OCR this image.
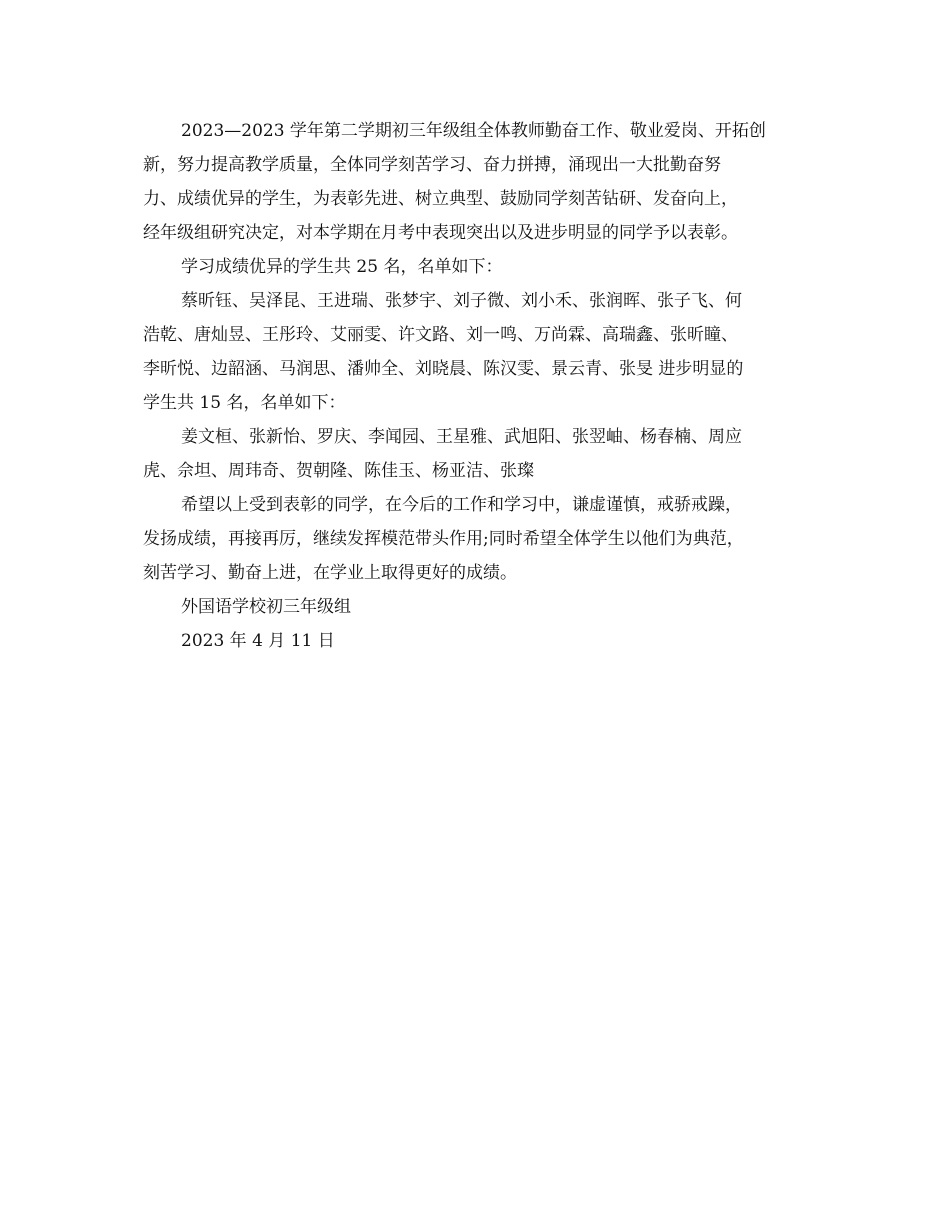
2023—2023 学年第二学期初三年级组全体教师勤奋工作、敬业爱岗、开拓创
新，努力提高教学质量，全体同学刻苦学习、奋力拼搏，涌现出一大批勤奋努
力、成绩优异的学生，为表彰先进、树立典型、鼓励同学刻苦钻研、发奋向上，
经年级组研究决定，对本学期在月考中表现突出以及进步明显的同学予以表彰。
学习成绩优异的学生共 25 名，名单如下：
蔡昕钰、吴泽昆、王进瑞、张梦宇、刘子微、刘小禾、张润晖、张子飞、何
浩乾、唐灿昱、王彤玲、艾丽雯、许文路、刘一鸣、万尚霖、高瑞鑫、张昕瞳、
李昕悦、边韶涵、马润思、潘帅全、刘晓晨、陈汉雯、景云青、张旻 进步明显的
学生共 15 名，名单如下：
姜文桓、张新怡、罗庆、李闻园、王星雅、武旭阳、张翌岫、杨春楠、周应
虎、佘坦、周玮奇、贺朝隆、陈佳玉、杨亚洁、张璨
希望以上受到表彰的同学，在今后的工作和学习中，谦虚谨慎，戒骄戒躁，
发扬成绩，再接再厉，继续发挥模范带头作用;同时希望全体学生以他们为典范，
刻苦学习、勤奋上进，在学业上取得更好的成绩。
外国语学校初三年级组
2023 年 4 月 11 日
